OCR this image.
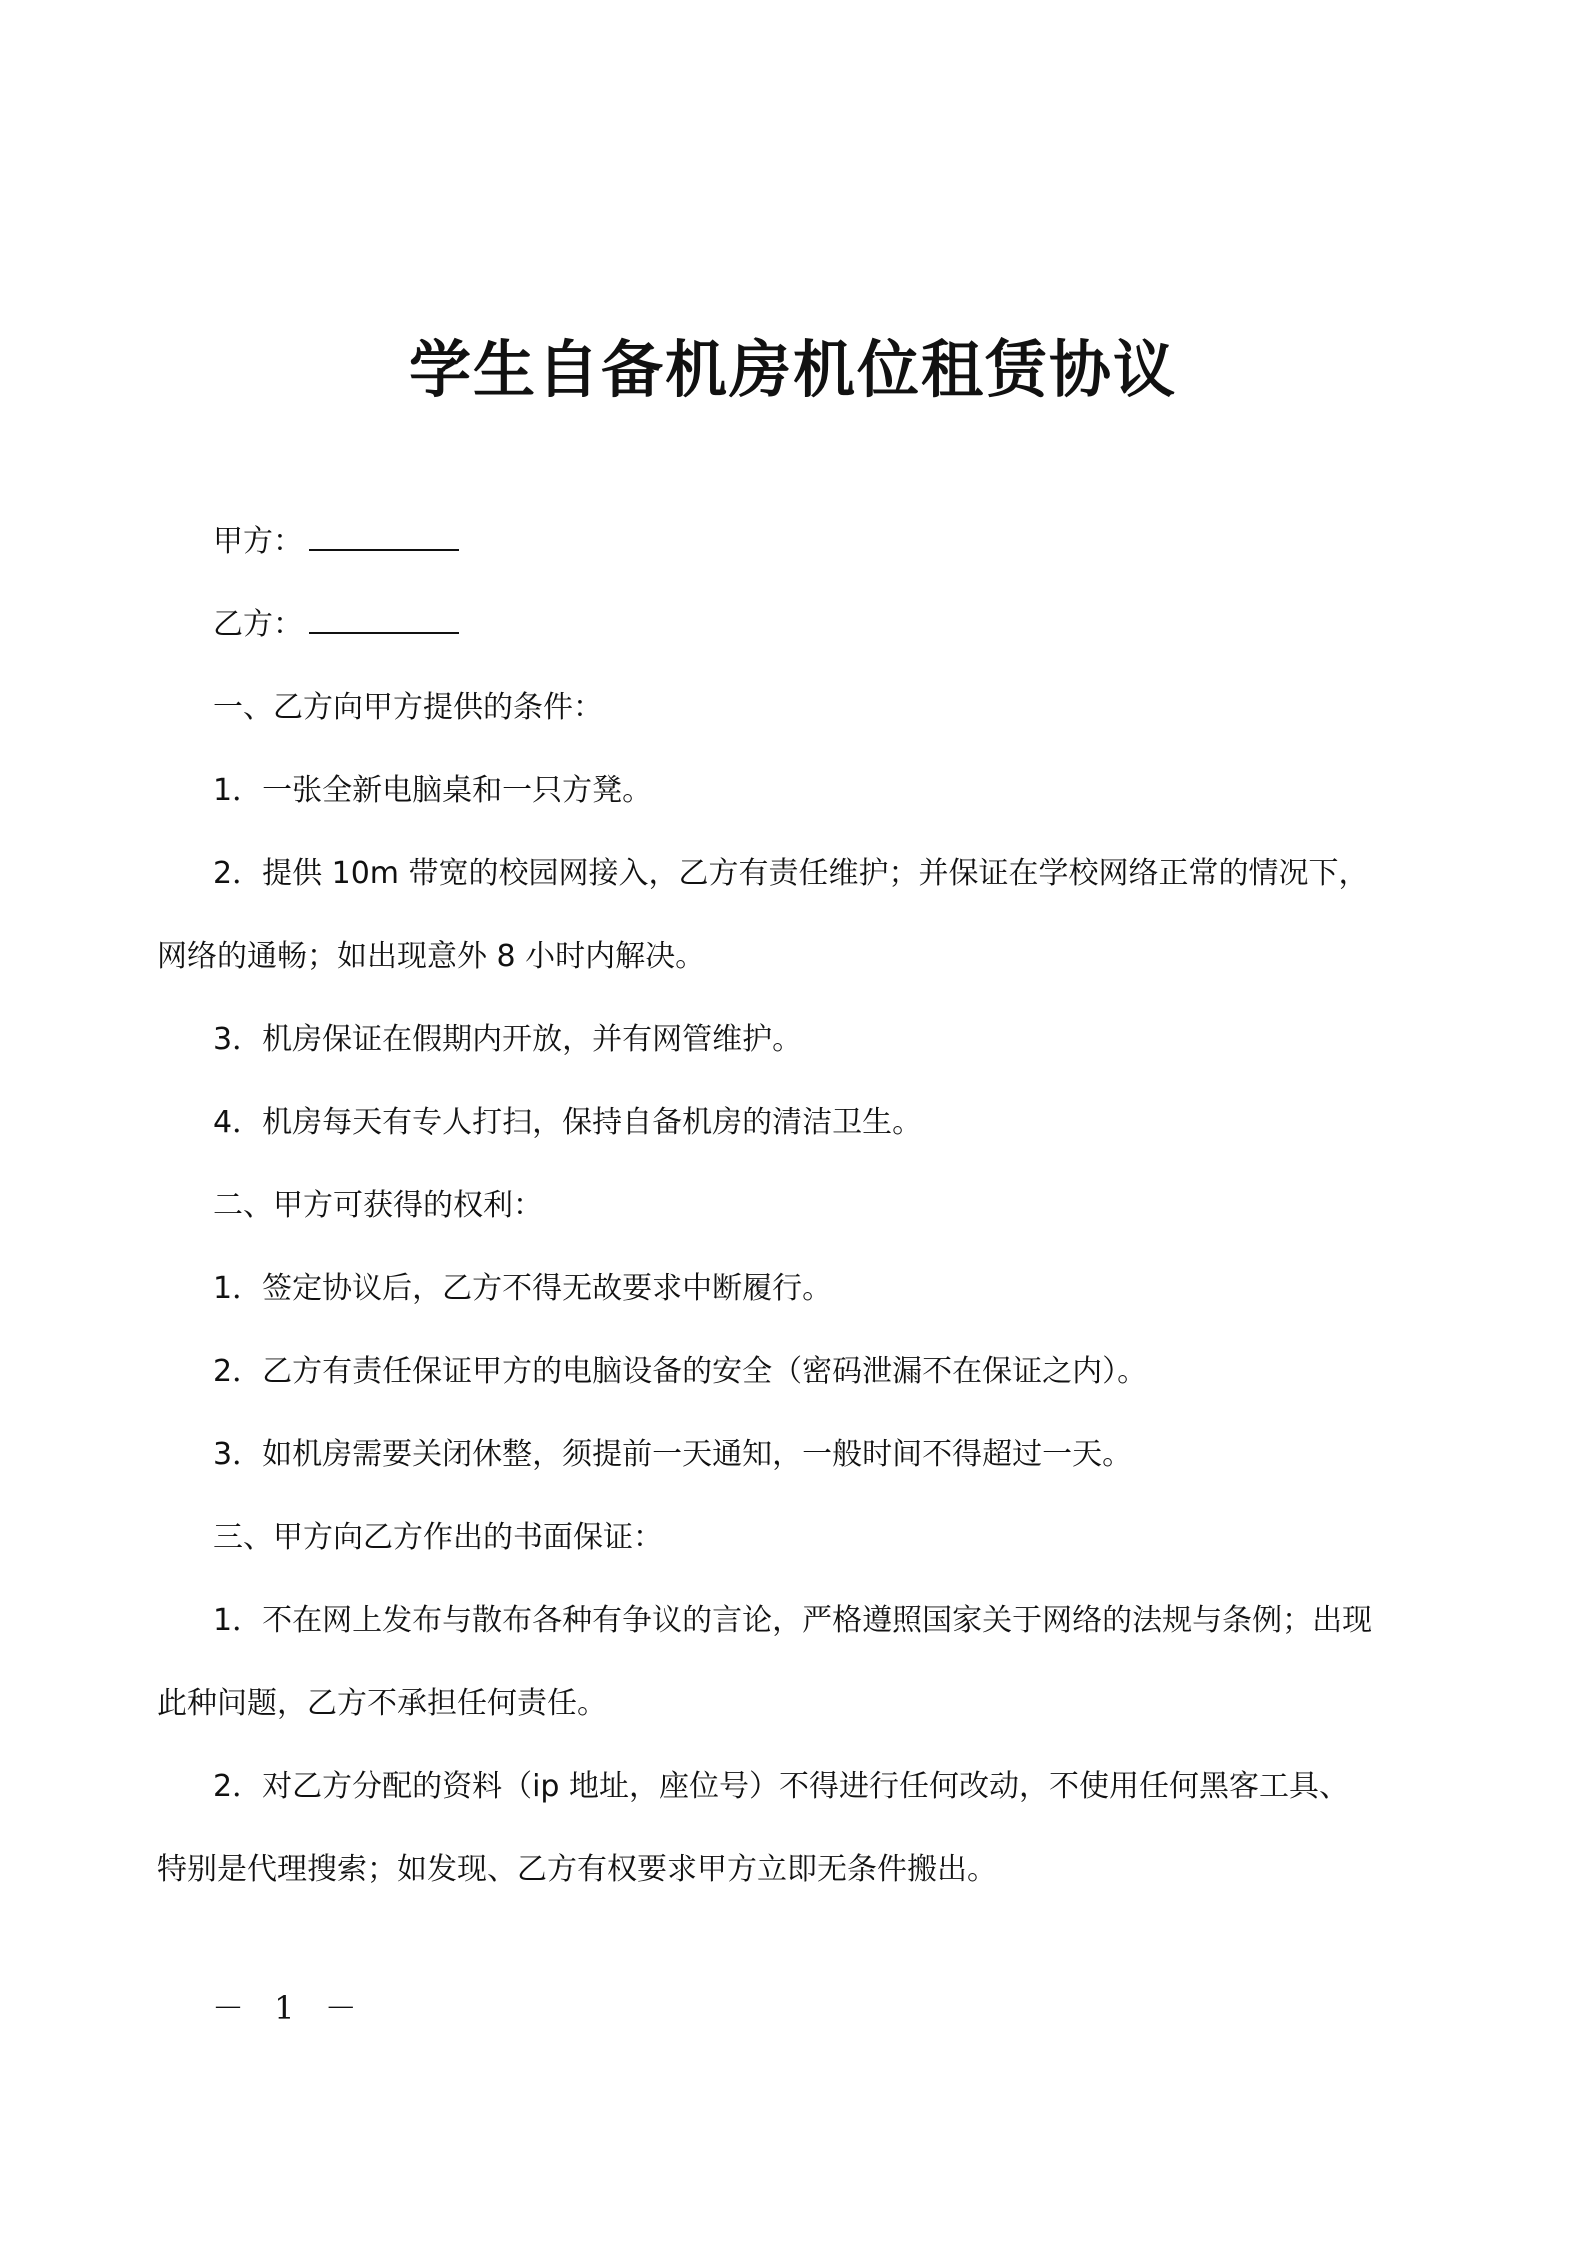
学生自备机房机位租赁协议
甲方：
乙方：
一、乙方向甲方提供的条件：
1．一张全新电脑桌和一只方凳。
2．提供 10m 带宽的校园网接入，乙方有责任维护；并保证在学校网络正常的情况下，
网络的通畅；如出现意外 8 小时内解决。
3．机房保证在假期内开放，并有网管维护。
4．机房每天有专人打扫，保持自备机房的清洁卫生。
二、甲方可获得的权利：
1．签定协议后，乙方不得无故要求中断履行。
2．乙方有责任保证甲方的电脑设备的安全（密码泄漏不在保证之内）。
3．如机房需要关闭休整，须提前一天通知，一般时间不得超过一天。
三、甲方向乙方作出的书面保证：
1．不在网上发布与散布各种有争议的言论，严格遵照国家关于网络的法规与条例；出现
此种问题，乙方不承担任何责任。
2．对乙方分配的资料（ip 地址，座位号）不得进行任何改动，不使用任何黑客工具、
特别是代理搜索；如发现、乙方有权要求甲方立即无条件搬出。
－ 1 －
